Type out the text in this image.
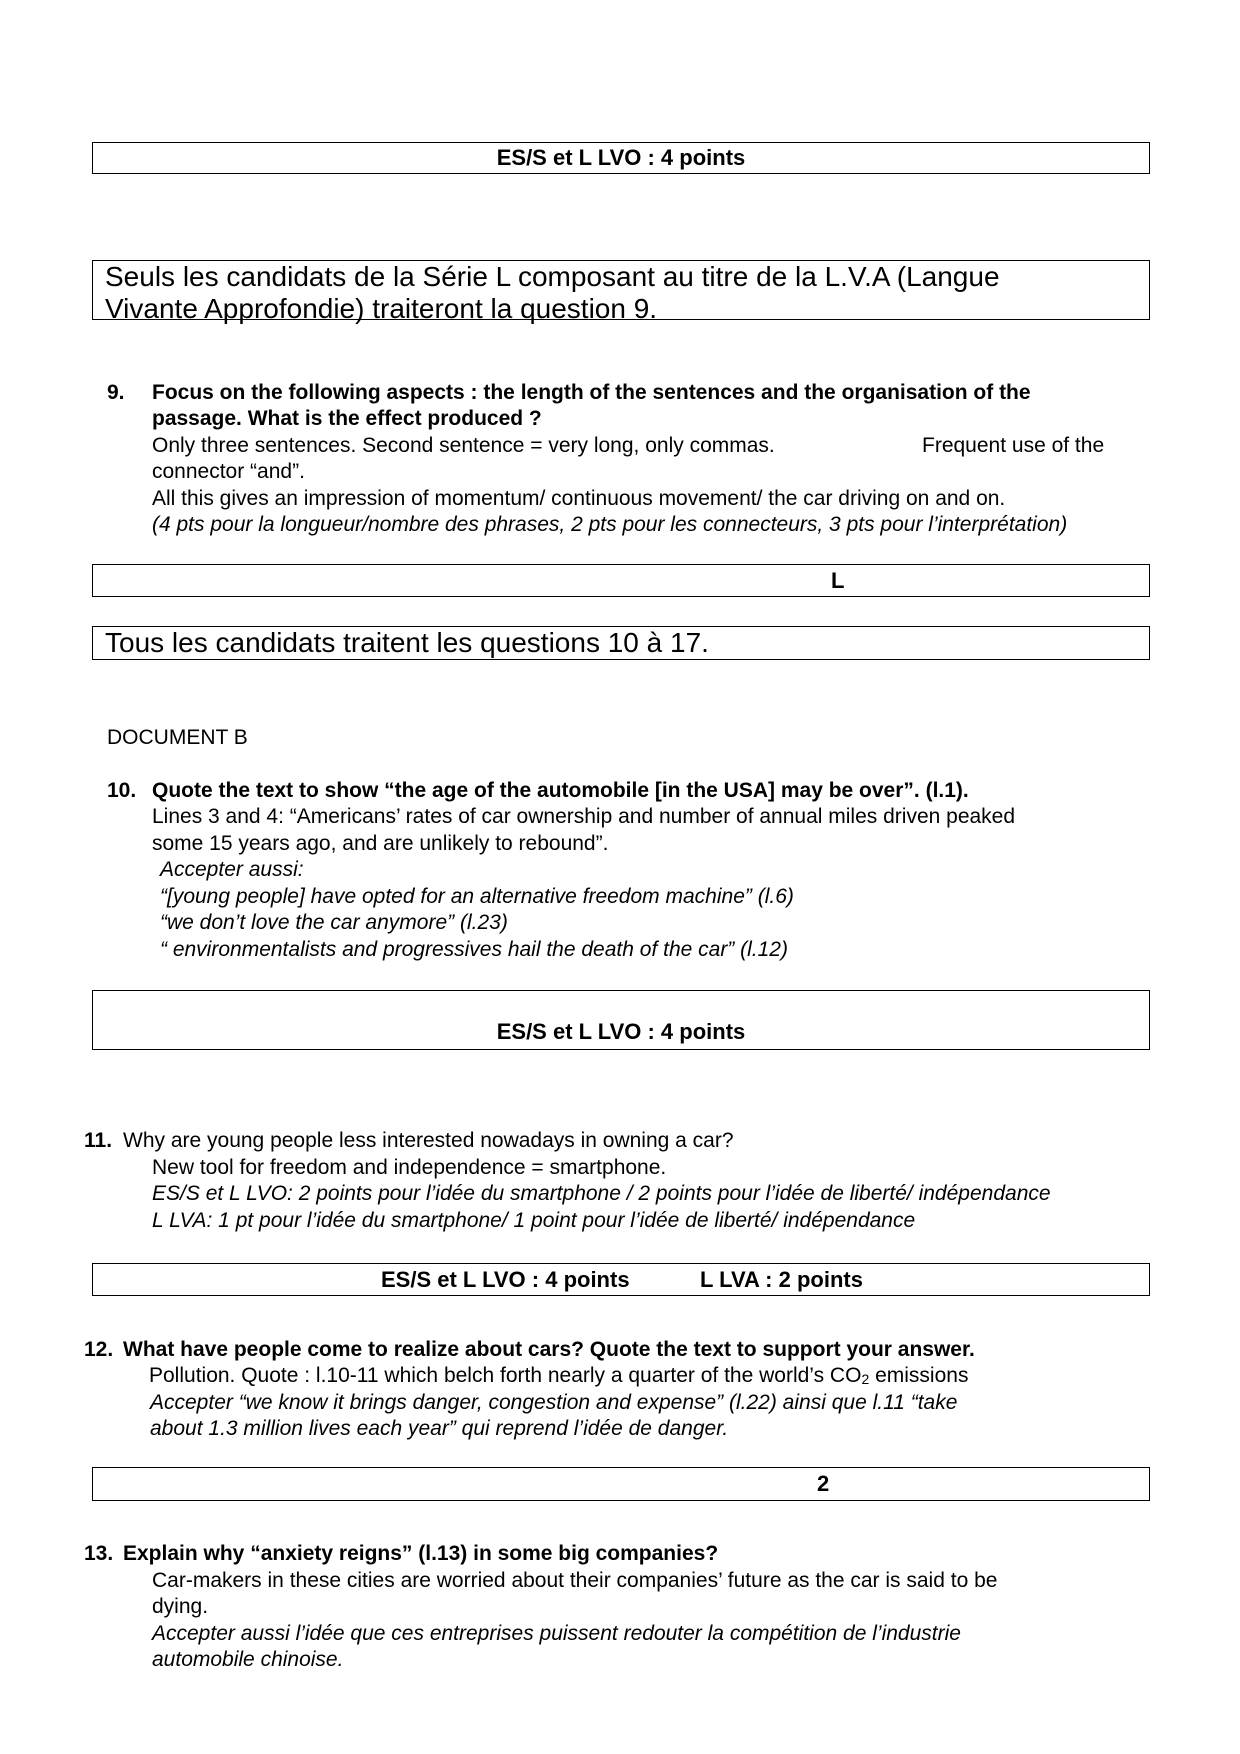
ES/S et L LVO : 4 points
Seuls les candidats de la Série L composant au titre de la L.V.A (Langue
Vivante Approfondie) traiteront la question 9.
9. Focus on the following aspects : the length of the sentences and the organisation of the
passage. What is the effect produced ?
Only three sentences. Second sentence = very long, only commas.	Frequent use of the
connector “and”.
All this gives an impression of momentum/ continuous movement/ the car driving on and on.
(4 pts pour la longueur/nombre des phrases, 2 pts pour les connecteurs, 3 pts pour l’interprétation)
L
Tous les candidats traitent les questions 10 à 17.
DOCUMENT B
10. Quote the text to show “the age of the automobile [in the USA] may be over”. (l.1).
Lines 3 and 4: “Americans’ rates of car ownership and number of annual miles driven peaked
some 15 years ago, and are unlikely to rebound”.
Accepter aussi:
“[young people] have opted for an alternative freedom machine” (l.6)
“we don’t love the car anymore” (l.23)
“ environmentalists and progressives hail the death of the car” (l.12)
ES/S et L LVO : 4 points
11. Why are young people less interested nowadays in owning a car?
New tool for freedom and independence = smartphone.
ES/S et L LVO: 2 points pour l’idée du smartphone / 2 points pour l’idée de liberté/ indépendance
L LVA: 1 pt pour l’idée du smartphone/ 1 point pour l’idée de liberté/ indépendance
ES/S et L LVO : 4 points	L LVA : 2 points
12. What have people come to realize about cars? Quote the text to support your answer.
Pollution. Quote : l.10-11 which belch forth nearly a quarter of the world’s $CO_2$ emissions
Accepter “we know it brings danger, congestion and expense” (l.22) ainsi que l.11 “take
about 1.3 million lives each year” qui reprend l’idée de danger.
2
13. Explain why “anxiety reigns” (l.13) in some big companies?
Car-makers in these cities are worried about their companies’ future as the car is said to be
dying.
Accepter aussi l’idée que ces entreprises puissent redouter la compétition de l’industrie
automobile chinoise.
